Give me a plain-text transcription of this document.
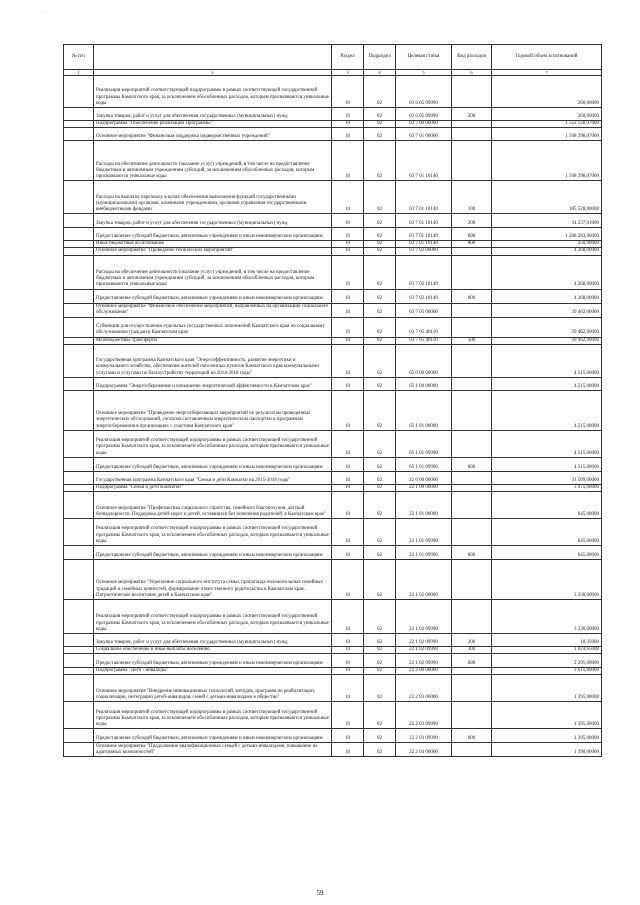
·
№ п/п		Раздел	Подраздел	Целевая статья	Вид расходов	Годовой объем ассигнований
1	2	3	4	5	6	7
	Реализация мероприятий соответствующей подпрограммы в рамках соответствующей государственной программы Камчатского края, за исключением обособленных расходов, которым присваиваются уникальные коды	10	02	03 6 05 09990		260,00000
	Закупка товаров, работ и услуг для обеспечения государственных (муниципальных) нужд	10	02	03 6 05 09990	200	260,00000
	Подпрограмма "Обеспечение реализации Программы"	10	02	03 7 00 00000		1 552 128,07000
	Основное мероприятие "Финансовая поддержка подведомственных учреждений"	10	02	03 7 01 00000		1 508 398,07000
	Расходы на обеспечение деятельности (оказание услуг) учреждений, в том числе на предоставление бюджетным и автономным учреждениям субсидий, за исключением обособленных расходов, которым присваиваются уникальные коды	10	02	03 7 01 10140		1 508 398,07000
	Расходы на выплаты персоналу в целях обеспечения выполнения функций государственными (муниципальными) органами, казенными учреждениями, органами управления государственными внебюджетными фондами	10	02	03 7 01 10140	100	185 528,00000
	Закупка товаров, работ и услуг для обеспечения государственных (муниципальных) нужд	10	02	03 7 01 10140	200	34 237,01000
	Предоставление субсидий бюджетным, автономным учреждениям и иным некоммерческим организациям	10	02	03 7 01 10140	600	1 288 283,06000
	Иные бюджетные ассигнования	10	02	03 7 01 10140	800	350,00000
	Основное мероприятие "Проведение технических мероприятий"	10	02	03 7 02 00000		4 268,00000
	Расходы на обеспечение деятельности (оказание услуг) учреждений, в том числе на предоставление бюджетным и автономным учреждениям субсидий, за исключением обособленных расходов, которым присваиваются уникальные коды	10	02	03 7 02 10140		4 268,00000
	Предоставление субсидий бюджетным, автономным учреждениям и иным некоммерческим организациям	10	02	03 7 02 10140	600	4 268,00000
	Основное мероприятие "Финансовое обеспечение мероприятий, направленных на организацию социального обслуживания"	10	02	03 7 05 00000		39 462,00000
	Субвенции для осуществления отдельных государственных полномочий Камчатского края по социальному обслуживанию граждан в Камчатском крае	10	02	03 7 05 40110		39 462,00000
	Межбюджетные трансферты	10	02	03 7 05 40110	500	39 462,00000
	Государственная программа Камчатского края "Энергоэффективность, развитие энергетики и коммунального хозяйства, обеспечение жителей населенных пунктов Камчатского края коммунальными услугами и услугами по благоустройству территорий на 2014-2018 годы"	10	02	05 0 00 00000		4 515,00000
	Подпрограмма "Энергосбережение и повышение энергетической эффективности в Камчатском крае"	10	02	05 1 00 00000		4 515,00000
	Основное мероприятие "Проведение энергосберегающих мероприятий по результатам проведенных энергетических обследований, согласно составленным энергетическим паспортам и программам энергосбережения в организациях с участием Камчатского края"	10	02	05 1 01 00000		4 515,00000
	Реализация мероприятий соответствующей подпрограммы в рамках соответствующей государственной программы Камчатского края, за исключением обособленных расходов, которым присваиваются уникальные коды	10	02	05 1 01 09990		4 515,00000
	Предоставление субсидий бюджетным, автономным учреждениям и иным некоммерческим организациям	10	02	05 1 01 09990	600	4 515,00000
	Государственная программа Камчатского края "Семья и дети Камчатки на 2015-2018 годы"	10	02	22 0 00 00000		31 509,00000
	Подпрограмма "Семья и дети Камчатки"	10	02	22 1 00 00000		3 975,00000
	Основное мероприятие "Профилактика социального сиротства, семейного благополучия, детской безнадзорности. Поддержка детей-сирот и детей, оставшихся без попечения родителей, в Камчатском крае"	10	02	22 1 01 00000		645,00000
	Реализация мероприятий соответствующей подпрограммы в рамках соответствующей государственной программы Камчатского края, за исключением обособленных расходов, которым присваиваются уникальные коды	10	02	22 1 01 09990		645,00000
	Предоставление субсидий бюджетным, автономным учреждениям и иным некоммерческим организациям	10	02	22 1 01 09990	600	645,00000
	Основное мероприятие "Укрепление социального института семьи, пропаганда положительных семейных традиций и семейных ценностей, формирование ответственного родительства в Камчатском крае. Патриотическое воспитание детей в Камчатском крае"	10	02	22 1 02 00000		3 330,00000
	Реализация мероприятий соответствующей подпрограммы в рамках соответствующей государственной программы Камчатского края, за исключением обособленных расходов, которым присваиваются уникальные коды	10	02	22 1 02 09990		3 330,00000
	Закупка товаров, работ и услуг для обеспечения государственных (муниципальных) нужд	10	02	22 1 02 09990	200	10,35000
	Социальное обеспечение и иные выплаты населению	10	02	22 1 02 09990	300	1 024,65000
	Предоставление субсидий бюджетным, автономным учреждениям и иным некоммерческим организациям	10	02	22 1 02 09990	600	2 295,00000
	Подпрограмма "Дети - инвалиды"	10	02	22 2 00 00000		3 615,00000
	Основное мероприятие "Внедрение инновационных технологий, методик, программ по реабилитации, социализации, интеграции детей-инвалидов, семей с детьми-инвалидами в общество"	10	02	22 2 03 00000		1 395,00000
	Реализация мероприятий соответствующей подпрограммы в рамках соответствующей государственной программы Камчатского края, за исключением обособленных расходов, которым присваиваются уникальные коды	10	02	22 2 03 09990		1 395,00000
	Предоставление субсидий бюджетным, автономным учреждениям и иным некоммерческим организациям	10	02	22 2 03 09990	600	1 395,00000
	Основное мероприятие "Продолжение квалификационных семьей с детьми-инвалидами, повышение их адаптивных возможностей"	10	02	22 2 04 00000		1 390,00000
59
